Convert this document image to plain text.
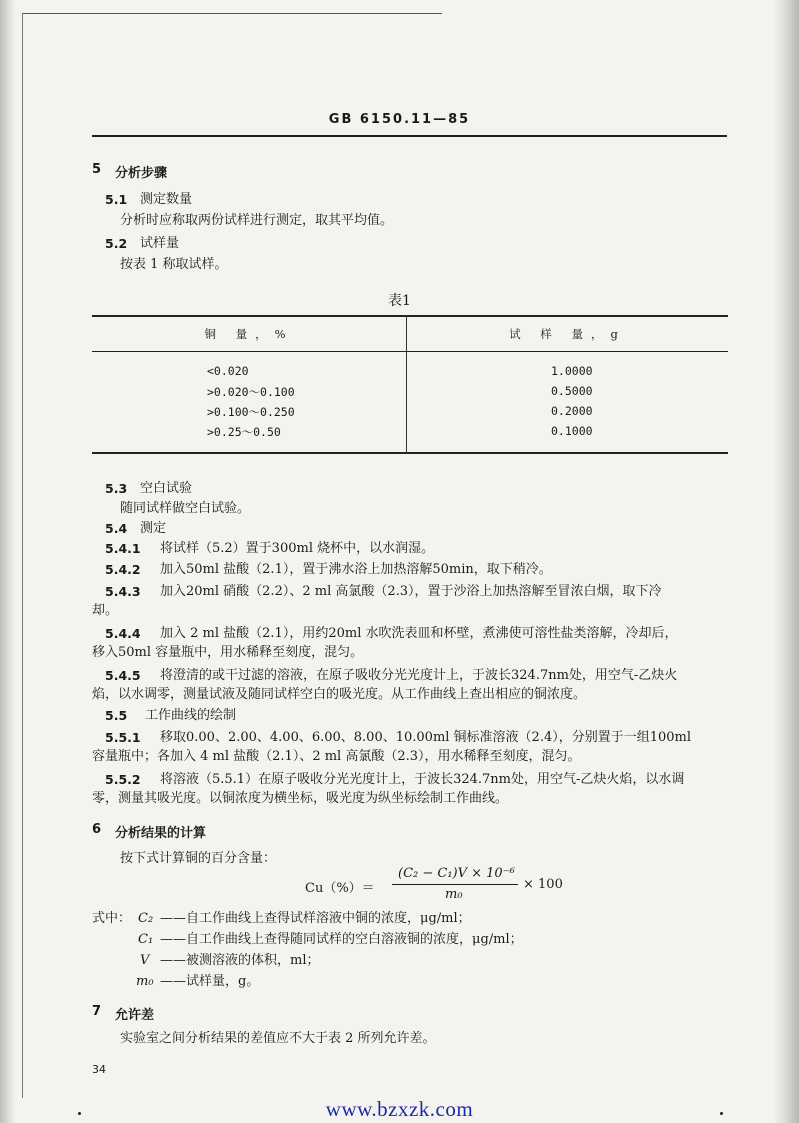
GB 6150.11—85
5 分析步骤
5.1 测定数量
分析时应称取两份试样进行测定，取其平均值。
5.2 试样量
按表 1 称取试样。
表1
铜 量，%	试 样 量，g
<0.020	1.0000
>0.020～0.100	0.5000
>0.100～0.250	0.2000
>0.25～0.50	0.1000
5.3 空白试验
随同试样做空白试验。
5.4 测定
5.4.1 将试样（5.2）置于300ml 烧杯中，以水润湿。
5.4.2 加入50ml 盐酸（2.1），置于沸水浴上加热溶解50min，取下稍冷。
5.4.3 加入20ml 硝酸（2.2）、2 ml 高氯酸（2.3），置于沙浴上加热溶解至冒浓白烟，取下冷
却。
5.4.4 加入 2 ml 盐酸（2.1），用约20ml 水吹洗表皿和杯壁，煮沸使可溶性盐类溶解，冷却后，
移入50ml 容量瓶中，用水稀释至刻度，混匀。
5.4.5 将澄清的或干过滤的溶液，在原子吸收分光光度计上，于波长324.7nm处，用空气-乙炔火
焰，以水调零，测量试液及随同试样空白的吸光度。从工作曲线上查出相应的铜浓度。
5.5 工作曲线的绘制
5.5.1 移取0.00、2.00、4.00、6.00、8.00、10.00ml 铜标准溶液（2.4），分别置于一组100ml
容量瓶中；各加入 4 ml 盐酸（2.1）、2 ml 高氯酸（2.3），用水稀释至刻度，混匀。
5.5.2 将溶液（5.5.1）在原子吸收分光光度计上，于波长324.7nm处，用空气-乙炔火焰，以水调
零，测量其吸光度。以铜浓度为横坐标，吸光度为纵坐标绘制工作曲线。
6 分析结果的计算
按下式计算铜的百分含量：
Cu（%）＝
(C₂ − C₁)V × 10⁻⁶
m₀
× 100
式中： C₂ ——自工作曲线上查得试样溶液中铜的浓度，μg/ml；
C₁ ——自工作曲线上查得随同试样的空白溶液铜的浓度，μg/ml；
V ——被测溶液的体积，ml；
m₀ ——试样量，g。
7 允许差
实验室之间分析结果的差值应不大于表 2 所列允许差。
34
www.bzxzk.com
